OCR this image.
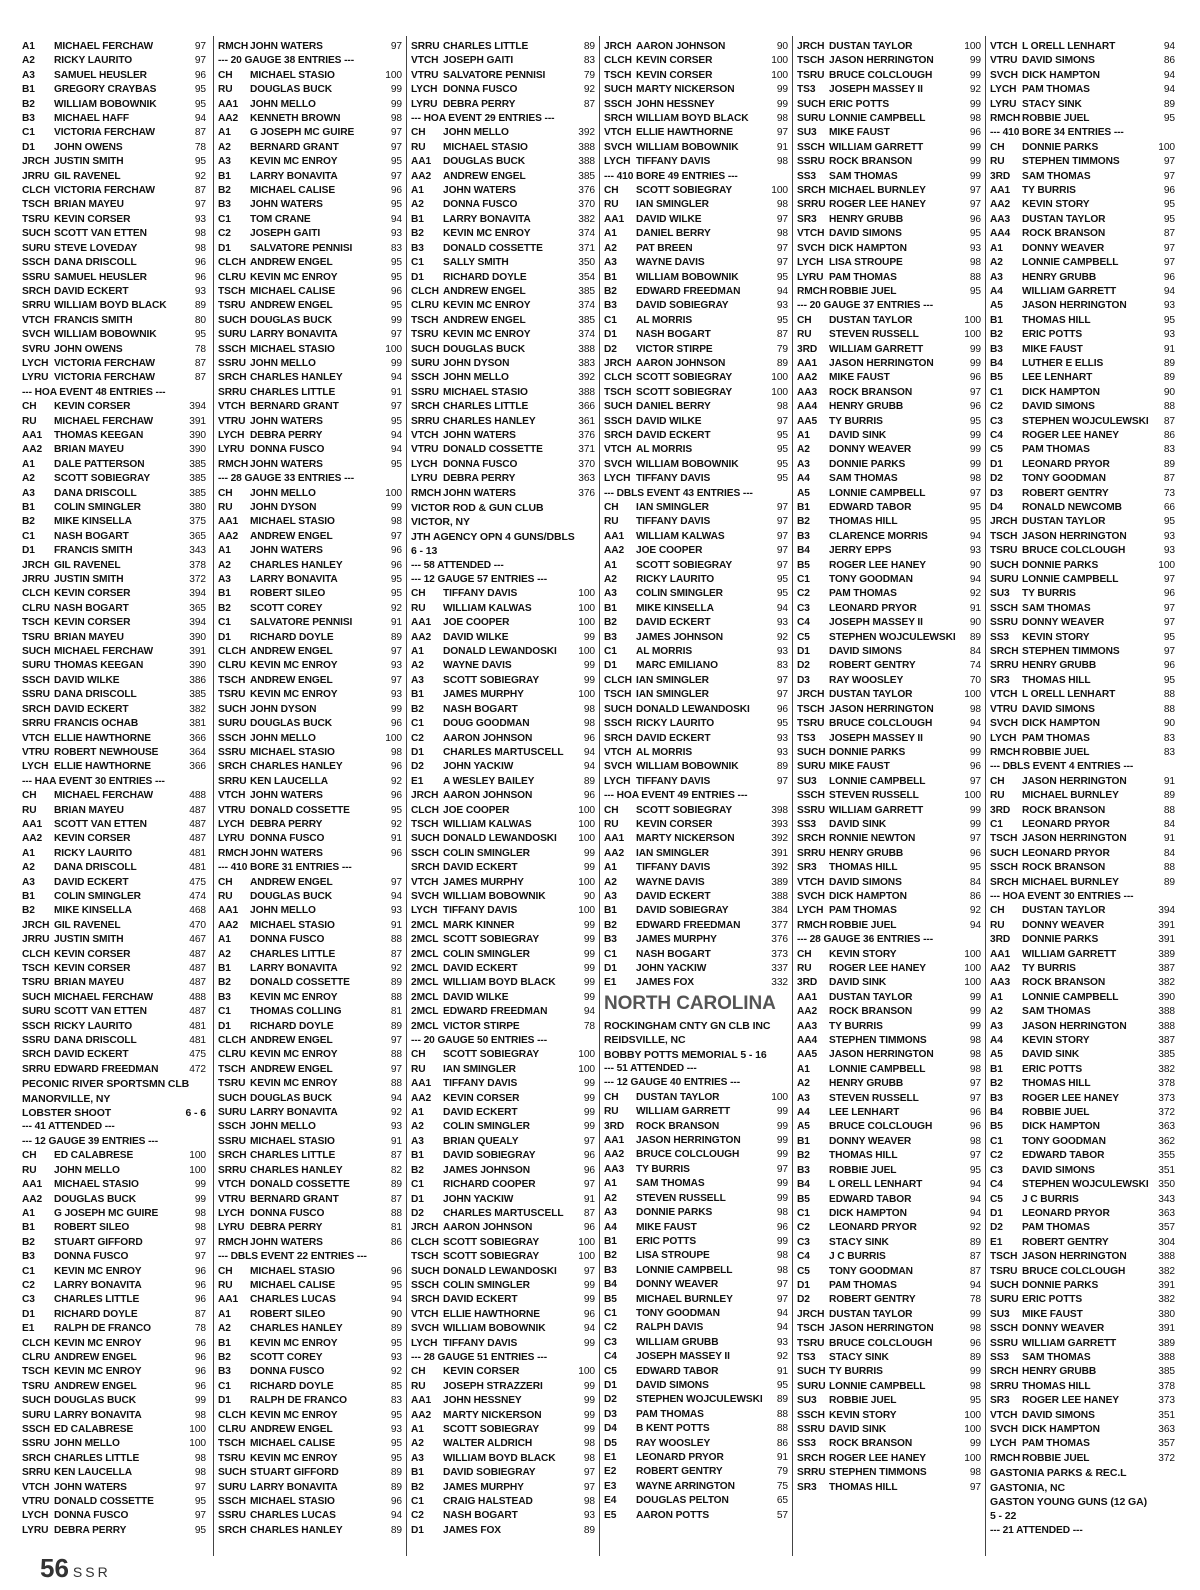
A1	MICHAEL FERCHAW	97
A2	RICKY LAURITO	97
A3	SAMUEL HEUSLER	96
B1	GREGORY CRAYBAS	95
B2	WILLIAM BOBOWNIK	95
B3	MICHAEL HAFF	94
C1	VICTORIA FERCHAW	87
D1	JOHN OWENS	78
JRCH JUSTIN SMITH	95
JRRU GIL RAVENEL	92
CLCH VICTORIA FERCHAW	87
TSCH BRIAN MAYEU	97
TSRU KEVIN CORSER	93
SUCH SCOTT VAN ETTEN	98
SURU STEVE LOVEDAY	98
SSCH DANA DRISCOLL	96
SSRU SAMUEL HEUSLER	96
SRCH DAVID ECKERT	93
SRRU WILLIAM BOYD BLACK	89
VTCH FRANCIS SMITH	80
SVCH WILLIAM BOBOWNIK	95
SVRU JOHN OWENS	78
LYCH VICTORIA FERCHAW	87
LYRU VICTORIA FERCHAW	87
--- HOA EVENT 48 ENTRIES ---
CH	KEVIN CORSER	394
RU	MICHAEL FERCHAW	391
AA1	THOMAS KEEGAN	390
AA2	BRIAN MAYEU	390
A1	DALE PATTERSON	385
A2	SCOTT SOBIEGRAY	385
A3	DANA DRISCOLL	385
B1	COLIN SMINGLER	380
B2	MIKE KINSELLA	375
C1	NASH BOGART	365
D1	FRANCIS SMITH	343
JRCH GIL RAVENEL	378
JRRU JUSTIN SMITH	372
CLCH KEVIN CORSER	394
CLRU NASH BOGART	365
TSCH KEVIN CORSER	394
TSRU BRIAN MAYEU	390
SUCH MICHAEL FERCHAW	391
SURU THOMAS KEEGAN	390
SSCH DAVID WILKE	386
SSRU DANA DRISCOLL	385
SRCH DAVID ECKERT	382
SRRU FRANCIS OCHAB	381
VTCH ELLIE HAWTHORNE	366
VTRU ROBERT NEWHOUSE	364
LYCH ELLIE HAWTHORNE	366
--- HAA EVENT 30 ENTRIES ---
CH	MICHAEL FERCHAW	488
RU	BRIAN MAYEU	487
AA1	SCOTT VAN ETTEN	487
AA2	KEVIN CORSER	487
A1	RICKY LAURITO	481
A2	DANA DRISCOLL	481
A3	DAVID ECKERT	475
B1	COLIN SMINGLER	474
B2	MIKE KINSELLA	468
JRCH GIL RAVENEL	470
JRRU JUSTIN SMITH	467
CLCH KEVIN CORSER	487
TSCH KEVIN CORSER	487
TSRU BRIAN MAYEU	487
SUCH MICHAEL FERCHAW	488
SURU SCOTT VAN ETTEN	487
SSCH RICKY LAURITO	481
SSRU DANA DRISCOLL	481
SRCH DAVID ECKERT	475
SRRU EDWARD FREEDMAN	472
PECONIC RIVER SPORTSMN CLB
MANORVILLE, NY
LOBSTER SHOOT	6 - 6
--- 41 ATTENDED ---
--- 12 GAUGE 39 ENTRIES ---
CH	ED CALABRESE	100
RU	JOHN MELLO	100
AA1	MICHAEL STASIO	99
AA2	DOUGLAS BUCK	99
A1	G JOSEPH MC GUIRE	98
B1	ROBERT SILEO	98
B2	STUART GIFFORD	97
B3	DONNA FUSCO	97
C1	KEVIN MC ENROY	96
C2	LARRY BONAVITA	96
C3	CHARLES LITTLE	96
D1	RICHARD DOYLE	87
E1	RALPH DE FRANCO	78
CLCH KEVIN MC ENROY	96
CLRU ANDREW ENGEL	96
TSCH KEVIN MC ENROY	96
TSRU ANDREW ENGEL	96
SUCH DOUGLAS BUCK	99
SURU LARRY BONAVITA	98
SSCH ED CALABRESE	100
SSRU JOHN MELLO	100
SRCH CHARLES LITTLE	98
SRRU KEN LAUCELLA	98
VTCH JOHN WATERS	97
VTRU DONALD COSSETTE	95
LYCH DONNA FUSCO	97
LYRU DEBRA PERRY	95
RMCH JOHN WATERS	97
--- 20 GAUGE 38 ENTRIES ---
CH	MICHAEL STASIO	100
RU	DOUGLAS BUCK	99
AA1	JOHN MELLO	99
AA2	KENNETH BROWN	98
A1	G JOSEPH MC GUIRE	97
A2	BERNARD GRANT	97
A3	KEVIN MC ENROY	95
B1	LARRY BONAVITA	97
B2	MICHAEL CALISE	96
B3	JOHN WATERS	95
C1	TOM CRANE	94
C2	JOSEPH GAITI	93
D1	SALVATORE PENNISI	83
CLCH ANDREW ENGEL	95
CLRU KEVIN MC ENROY	95
TSCH MICHAEL CALISE	96
TSRU ANDREW ENGEL	95
SUCH DOUGLAS BUCK	99
SURU LARRY BONAVITA	97
SSCH MICHAEL STASIO	100
SSRU JOHN MELLO	99
SRCH CHARLES HANLEY	94
SRRU CHARLES LITTLE	91
VTCH BERNARD GRANT	97
VTRU JOHN WATERS	95
LYCH DEBRA PERRY	94
LYRU DONNA FUSCO	94
RMCH JOHN WATERS	95
--- 28 GAUGE 33 ENTRIES ---
CH	JOHN MELLO	100
RU	JOHN DYSON	99
AA1	MICHAEL STASIO	98
AA2	ANDREW ENGEL	97
A1	JOHN WATERS	96
A2	CHARLES HANLEY	96
A3	LARRY BONAVITA	95
B1	ROBERT SILEO	95
B2	SCOTT COREY	92
C1	SALVATORE PENNISI	91
D1	RICHARD DOYLE	89
CLCH ANDREW ENGEL	97
CLRU KEVIN MC ENROY	93
TSCH ANDREW ENGEL	97
TSRU KEVIN MC ENROY	93
SUCH JOHN DYSON	99
SURU DOUGLAS BUCK	96
SSCH JOHN MELLO	100
SSRU MICHAEL STASIO	98
SRCH CHARLES HANLEY	96
SRRU KEN LAUCELLA	92
VTCH JOHN WATERS	96
VTRU DONALD COSSETTE	95
LYCH DEBRA PERRY	92
LYRU DONNA FUSCO	91
RMCH JOHN WATERS	96
--- 410 BORE 31 ENTRIES ---
CH	ANDREW ENGEL	97
RU	DOUGLAS BUCK	94
AA1	JOHN MELLO	93
AA2	MICHAEL STASIO	91
A1	DONNA FUSCO	88
A2	CHARLES LITTLE	87
B1	LARRY BONAVITA	92
B2	DONALD COSSETTE	89
B3	KEVIN MC ENROY	88
C1	THOMAS COLLING	81
D1	RICHARD DOYLE	89
CLCH ANDREW ENGEL	97
CLRU KEVIN MC ENROY	88
TSCH ANDREW ENGEL	97
TSRU KEVIN MC ENROY	88
SUCH DOUGLAS BUCK	94
SURU LARRY BONAVITA	92
SSCH JOHN MELLO	93
SSRU MICHAEL STASIO	91
SRCH CHARLES LITTLE	87
SRRU CHARLES HANLEY	82
VTCH DONALD COSSETTE	89
VTRU BERNARD GRANT	87
LYCH DONNA FUSCO	88
LYRU DEBRA PERRY	81
RMCH JOHN WATERS	86
--- DBLS EVENT 22 ENTRIES ---
CH	MICHAEL STASIO	96
RU	MICHAEL CALISE	95
AA1	CHARLES LUCAS	94
A1	ROBERT SILEO	90
A2	CHARLES HANLEY	89
B1	KEVIN MC ENROY	95
B2	SCOTT COREY	93
B3	DONNA FUSCO	92
C1	RICHARD DOYLE	85
D1	RALPH DE FRANCO	83
CLCH KEVIN MC ENROY	95
CLRU ANDREW ENGEL	93
TSCH MICHAEL CALISE	95
TSRU KEVIN MC ENROY	95
SUCH STUART GIFFORD	89
SURU LARRY BONAVITA	89
SSCH MICHAEL STASIO	96
SSRU CHARLES LUCAS	94
SRCH CHARLES HANLEY	89
SRRU CHARLES LITTLE	89
VTCH JOSEPH GAITI	83
VTRU SALVATORE PENNISI	79
LYCH DONNA FUSCO	92
LYRU DEBRA PERRY	87
--- HOA EVENT 29 ENTRIES ---
CH	JOHN MELLO	392
RU	MICHAEL STASIO	388
AA1	DOUGLAS BUCK	388
AA2	ANDREW ENGEL	385
A1	JOHN WATERS	376
A2	DONNA FUSCO	370
B1	LARRY BONAVITA	382
B2	KEVIN MC ENROY	374
B3	DONALD COSSETTE	371
C1	SALLY SMITH	350
D1	RICHARD DOYLE	354
CLCH ANDREW ENGEL	385
CLRU KEVIN MC ENROY	374
TSCH ANDREW ENGEL	385
TSRU KEVIN MC ENROY	374
SUCH DOUGLAS BUCK	388
SURU JOHN DYSON	383
SSCH JOHN MELLO	392
SSRU MICHAEL STASIO	388
SRCH CHARLES LITTLE	366
SRRU CHARLES HANLEY	361
VTCH JOHN WATERS	376
VTRU DONALD COSSETTE	371
LYCH DONNA FUSCO	370
LYRU DEBRA PERRY	363
RMCH JOHN WATERS	376
VICTOR ROD & GUN CLUB
VICTOR, NY
JTH AGENCY OPN 4 GUNS/DBLS
6 - 13
--- 58 ATTENDED ---
--- 12 GAUGE 57 ENTRIES ---
CH	TIFFANY DAVIS	100
RU	WILLIAM KALWAS	100
AA1	JOE COOPER	100
AA2	DAVID WILKE	99
A1	DONALD LEWANDOSKI	100
A2	WAYNE DAVIS	99
A3	SCOTT SOBIEGRAY	99
B1	JAMES MURPHY	100
B2	NASH BOGART	98
C1	DOUG GOODMAN	98
C2	AARON JOHNSON	96
D1	CHARLES MARTUSCELL	94
D2	JOHN YACKIW	94
E1	A WESLEY BAILEY	89
JRCH AARON JOHNSON	96
CLCH JOE COOPER	100
TSCH WILLIAM KALWAS	100
SUCH DONALD LEWANDOSKI	100
SSCH COLIN SMINGLER	99
SRCH DAVID ECKERT	99
VTCH JAMES MURPHY	100
SVCH WILLIAM BOBOWNIK	90
LYCH TIFFANY DAVIS	100
2MCL MARK KINNER	99
2MCL SCOTT SOBIEGRAY	99
2MCL COLIN SMINGLER	99
2MCL DAVID ECKERT	99
2MCL WILLIAM BOYD BLACK	99
2MCL DAVID WILKE	99
2MCL EDWARD FREEDMAN	94
2MCL VICTOR STIRPE	78
--- 20 GAUGE 50 ENTRIES ---
CH	SCOTT SOBIEGRAY	100
RU	IAN SMINGLER	100
AA1	TIFFANY DAVIS	99
AA2	KEVIN CORSER	99
A1	DAVID ECKERT	99
A2	COLIN SMINGLER	99
A3	BRIAN QUEALY	97
B1	DAVID SOBIEGRAY	96
B2	JAMES JOHNSON	96
C1	RICHARD COOPER	97
D1	JOHN YACKIW	91
D2	CHARLES MARTUSCELL	87
JRCH AARON JOHNSON	96
CLCH SCOTT SOBIEGRAY	100
TSCH SCOTT SOBIEGRAY	100
SUCH DONALD LEWANDOSKI	97
SSCH COLIN SMINGLER	99
SRCH DAVID ECKERT	99
VTCH ELLIE HAWTHORNE	96
SVCH WILLIAM BOBOWNIK	94
LYCH TIFFANY DAVIS	99
--- 28 GAUGE 51 ENTRIES ---
CH	KEVIN CORSER	100
RU	JOSEPH STRAZZERI	99
AA1	JOHN HESSNEY	99
AA2	MARTY NICKERSON	99
A1	SCOTT SOBIEGRAY	99
A2	WALTER ALDRICH	98
A3	WILLIAM BOYD BLACK	98
B1	DAVID SOBIEGRAY	97
B2	JAMES MURPHY	97
C1	CRAIG HALSTEAD	98
C2	NASH BOGART	93
D1	JAMES FOX	89
JRCH AARON JOHNSON	90
CLCH KEVIN CORSER	100
TSCH KEVIN CORSER	100
SUCH MARTY NICKERSON	99
SSCH JOHN HESSNEY	99
SRCH WILLIAM BOYD BLACK	98
VTCH ELLIE HAWTHORNE	97
SVCH WILLIAM BOBOWNIK	91
LYCH TIFFANY DAVIS	98
--- 410 BORE 49 ENTRIES ---
CH	SCOTT SOBIEGRAY	100
RU	IAN SMINGLER	98
AA1	DAVID WILKE	97
A1	DANIEL BERRY	98
A2	PAT BREEN	97
A3	WAYNE DAVIS	97
B1	WILLIAM BOBOWNIK	95
B2	EDWARD FREEDMAN	94
B3	DAVID SOBIEGRAY	93
C1	AL MORRIS	95
D1	NASH BOGART	87
D2	VICTOR STIRPE	79
JRCH AARON JOHNSON	89
CLCH SCOTT SOBIEGRAY	100
TSCH SCOTT SOBIEGRAY	100
SUCH DANIEL BERRY	98
SSCH DAVID WILKE	97
SRCH DAVID ECKERT	95
VTCH AL MORRIS	95
SVCH WILLIAM BOBOWNIK	95
LYCH TIFFANY DAVIS	95
--- DBLS EVENT 43 ENTRIES ---
CH	IAN SMINGLER	97
RU	TIFFANY DAVIS	97
AA1	WILLIAM KALWAS	97
AA2	JOE COOPER	97
A1	SCOTT SOBIEGRAY	97
A2	RICKY LAURITO	95
A3	COLIN SMINGLER	95
B1	MIKE KINSELLA	94
B2	DAVID ECKERT	93
B3	JAMES JOHNSON	92
C1	AL MORRIS	93
D1	MARC EMILIANO	83
CLCH IAN SMINGLER	97
TSCH IAN SMINGLER	97
SUCH DONALD LEWANDOSKI	96
SSCH RICKY LAURITO	95
SRCH DAVID ECKERT	93
VTCH AL MORRIS	93
SVCH WILLIAM BOBOWNIK	89
LYCH TIFFANY DAVIS	97
--- HOA EVENT 49 ENTRIES ---
CH	SCOTT SOBIEGRAY	398
RU	KEVIN CORSER	393
AA1	MARTY NICKERSON	392
AA2	IAN SMINGLER	391
A1	TIFFANY DAVIS	392
A2	WAYNE DAVIS	389
A3	DAVID ECKERT	388
B1	DAVID SOBIEGRAY	384
B2	EDWARD FREEDMAN	377
B3	JAMES MURPHY	376
C1	NASH BOGART	373
D1	JOHN YACKIW	337
E1	JAMES FOX	332
NORTH CAROLINA
ROCKINGHAM CNTY GN CLB INC
REIDSVILLE, NC
BOBBY POTTS MEMORIAL 5 - 16
--- 51 ATTENDED ---
--- 12 GAUGE 40 ENTRIES ---
CH	DUSTAN TAYLOR	100
RU	WILLIAM GARRETT	99
3RD	ROCK BRANSON	99
AA1	JASON HERRINGTON	99
AA2	BRUCE COLCLOUGH	99
AA3	TY BURRIS	97
A1	SAM THOMAS	99
A2	STEVEN RUSSELL	99
A3	DONNIE PARKS	98
A4	MIKE FAUST	96
B1	ERIC POTTS	99
B2	LISA STROUPE	98
B3	LONNIE CAMPBELL	98
B4	DONNY WEAVER	97
B5	MICHAEL BURNLEY	97
C1	TONY GOODMAN	94
C2	RALPH DAVIS	94
C3	WILLIAM GRUBB	93
C4	JOSEPH MASSEY II	92
C5	EDWARD TABOR	91
D1	DAVID SIMONS	95
D2	STEPHEN WOJCULEWSKI	89
D3	PAM THOMAS	88
D4	B KENT POTTS	88
D5	RAY WOOSLEY	86
E1	LEONARD PRYOR	91
E2	ROBERT GENTRY	79
E3	WAYNE ARRINGTON	75
E4	DOUGLAS PELTON	65
E5	AARON POTTS	57
JRCH DUSTAN TAYLOR	100
TSCH JASON HERRINGTON	99
TSRU BRUCE COLCLOUGH	99
TS3	JOSEPH MASSEY II	92
SUCH ERIC POTTS	99
SURU LONNIE CAMPBELL	98
SU3	MIKE FAUST	96
SSCH WILLIAM GARRETT	99
SSRU ROCK BRANSON	99
SS3	SAM THOMAS	99
SRCH MICHAEL BURNLEY	97
SRRU ROGER LEE HANEY	97
SR3	HENRY GRUBB	96
VTCH DAVID SIMONS	95
SVCH DICK HAMPTON	93
LYCH LISA STROUPE	98
LYRU PAM THOMAS	88
RMCH ROBBIE JUEL	95
--- 20 GAUGE 37 ENTRIES ---
CH	DUSTAN TAYLOR	100
RU	STEVEN RUSSELL	100
3RD	WILLIAM GARRETT	99
AA1	JASON HERRINGTON	99
AA2	MIKE FAUST	96
AA3	ROCK BRANSON	97
AA4	HENRY GRUBB	96
AA5	TY BURRIS	95
A1	DAVID SINK	99
A2	DONNY WEAVER	99
A3	DONNIE PARKS	99
A4	SAM THOMAS	98
A5	LONNIE CAMPBELL	97
B1	EDWARD TABOR	95
B2	THOMAS HILL	95
B3	CLARENCE MORRIS	94
B4	JERRY EPPS	93
B5	ROGER LEE HANEY	90
C1	TONY GOODMAN	94
C2	PAM THOMAS	92
C3	LEONARD PRYOR	91
C4	JOSEPH MASSEY II	90
C5	STEPHEN WOJCULEWSKI	89
D1	DAVID SIMONS	84
D2	ROBERT GENTRY	74
D3	RAY WOOSLEY	70
JRCH DUSTAN TAYLOR	100
TSCH JASON HERRINGTON	98
TSRU BRUCE COLCLOUGH	94
TS3	JOSEPH MASSEY II	90
SUCH DONNIE PARKS	99
SURU MIKE FAUST	96
SU3	LONNIE CAMPBELL	97
SSCH STEVEN RUSSELL	100
SSRU WILLIAM GARRETT	99
SS3	DAVID SINK	99
SRCH RONNIE NEWTON	97
SRRU HENRY GRUBB	96
SR3	THOMAS HILL	95
VTCH DAVID SIMONS	84
SVCH DICK HAMPTON	86
LYCH PAM THOMAS	92
RMCH ROBBIE JUEL	94
--- 28 GAUGE 36 ENTRIES ---
CH	KEVIN STORY	100
RU	ROGER LEE HANEY	100
3RD	DAVID SINK	100
AA1	DUSTAN TAYLOR	99
AA2	ROCK BRANSON	99
AA3	TY BURRIS	99
AA4	STEPHEN TIMMONS	98
AA5	JASON HERRINGTON	98
A1	LONNIE CAMPBELL	98
A2	HENRY GRUBB	97
A3	STEVEN RUSSELL	97
A4	LEE LENHART	96
A5	BRUCE COLCLOUGH	96
B1	DONNY WEAVER	98
B2	THOMAS HILL	97
B3	ROBBIE JUEL	95
B4	L ORELL LENHART	94
B5	EDWARD TABOR	94
C1	DICK HAMPTON	94
C2	LEONARD PRYOR	92
C3	STACY SINK	89
C4	J C BURRIS	87
C5	TONY GOODMAN	87
D1	PAM THOMAS	94
D2	ROBERT GENTRY	78
JRCH DUSTAN TAYLOR	99
TSCH JASON HERRINGTON	98
TSRU BRUCE COLCLOUGH	96
TS3	STACY SINK	89
SUCH TY BURRIS	99
SURU LONNIE CAMPBELL	98
SU3	ROBBIE JUEL	95
SSCH KEVIN STORY	100
SSRU DAVID SINK	100
SS3	ROCK BRANSON	99
SRCH ROGER LEE HANEY	100
SRRU STEPHEN TIMMONS	98
SR3	THOMAS HILL	97
VTCH L ORELL LENHART	94
VTRU DAVID SIMONS	86
SVCH DICK HAMPTON	94
LYCH PAM THOMAS	94
LYRU STACY SINK	89
RMCH ROBBIE JUEL	95
--- 410 BORE 34 ENTRIES ---
CH	DONNIE PARKS	100
RU	STEPHEN TIMMONS	97
3RD	SAM THOMAS	97
AA1	TY BURRIS	96
AA2	KEVIN STORY	95
AA3	DUSTAN TAYLOR	95
AA4	ROCK BRANSON	87
A1	DONNY WEAVER	97
A2	LONNIE CAMPBELL	97
A3	HENRY GRUBB	96
A4	WILLIAM GARRETT	94
A5	JASON HERRINGTON	93
B1	THOMAS HILL	95
B2	ERIC POTTS	93
B3	MIKE FAUST	91
B4	LUTHER E ELLIS	89
B5	LEE LENHART	89
C1	DICK HAMPTON	90
C2	DAVID SIMONS	88
C3	STEPHEN WOJCULEWSKI	87
C4	ROGER LEE HANEY	86
C5	PAM THOMAS	83
D1	LEONARD PRYOR	89
D2	TONY GOODMAN	87
D3	ROBERT GENTRY	73
D4	RONALD NEWCOMB	66
JRCH DUSTAN TAYLOR	95
TSCH JASON HERRINGTON	93
TSRU BRUCE COLCLOUGH	93
SUCH DONNIE PARKS	100
SURU LONNIE CAMPBELL	97
SU3	TY BURRIS	96
SSCH SAM THOMAS	97
SSRU DONNY WEAVER	97
SS3	KEVIN STORY	95
SRCH STEPHEN TIMMONS	97
SRRU HENRY GRUBB	96
SR3	THOMAS HILL	95
VTCH L ORELL LENHART	88
VTRU DAVID SIMONS	88
SVCH DICK HAMPTON	90
LYCH PAM THOMAS	83
RMCH ROBBIE JUEL	83
--- DBLS EVENT 4 ENTRIES ---
CH	JASON HERRINGTON	91
RU	MICHAEL BURNLEY	89
3RD	ROCK BRANSON	88
C1	LEONARD PRYOR	84
TSCH JASON HERRINGTON	91
SUCH LEONARD PRYOR	84
SSCH ROCK BRANSON	88
SRCH MICHAEL BURNLEY	89
--- HOA EVENT 30 ENTRIES ---
CH	DUSTAN TAYLOR	394
RU	DONNY WEAVER	391
3RD	DONNIE PARKS	391
AA1	WILLIAM GARRETT	389
AA2	TY BURRIS	387
AA3	ROCK BRANSON	382
A1	LONNIE CAMPBELL	390
A2	SAM THOMAS	388
A3	JASON HERRINGTON	388
A4	KEVIN STORY	387
A5	DAVID SINK	385
B1	ERIC POTTS	382
B2	THOMAS HILL	378
B3	ROGER LEE HANEY	373
B4	ROBBIE JUEL	372
B5	DICK HAMPTON	363
C1	TONY GOODMAN	362
C2	EDWARD TABOR	355
C3	DAVID SIMONS	351
C4	STEPHEN WOJCULEWSKI 350
C5	J C BURRIS	343
D1	LEONARD PRYOR	363
D2	PAM THOMAS	357
E1	ROBERT GENTRY	304
TSCH JASON HERRINGTON	388
TSRU BRUCE COLCLOUGH	382
SUCH DONNIE PARKS	391
SURU ERIC POTTS	382
SU3	MIKE FAUST	380
SSCH DONNY WEAVER	391
SSRU WILLIAM GARRETT	389
SS3	SAM THOMAS	388
SRCH HENRY GRUBB	385
SRRU THOMAS HILL	378
SR3	ROGER LEE HANEY	373
VTCH DAVID SIMONS	351
SVCH DICK HAMPTON	363
LYCH PAM THOMAS	357
RMCH ROBBIE JUEL	372
GASTONIA PARKS & REC.L
GASTONIA, NC
GASTON YOUNG GUNS (12 GA)
5 - 22
--- 21 ATTENDED ---
56 SSR
